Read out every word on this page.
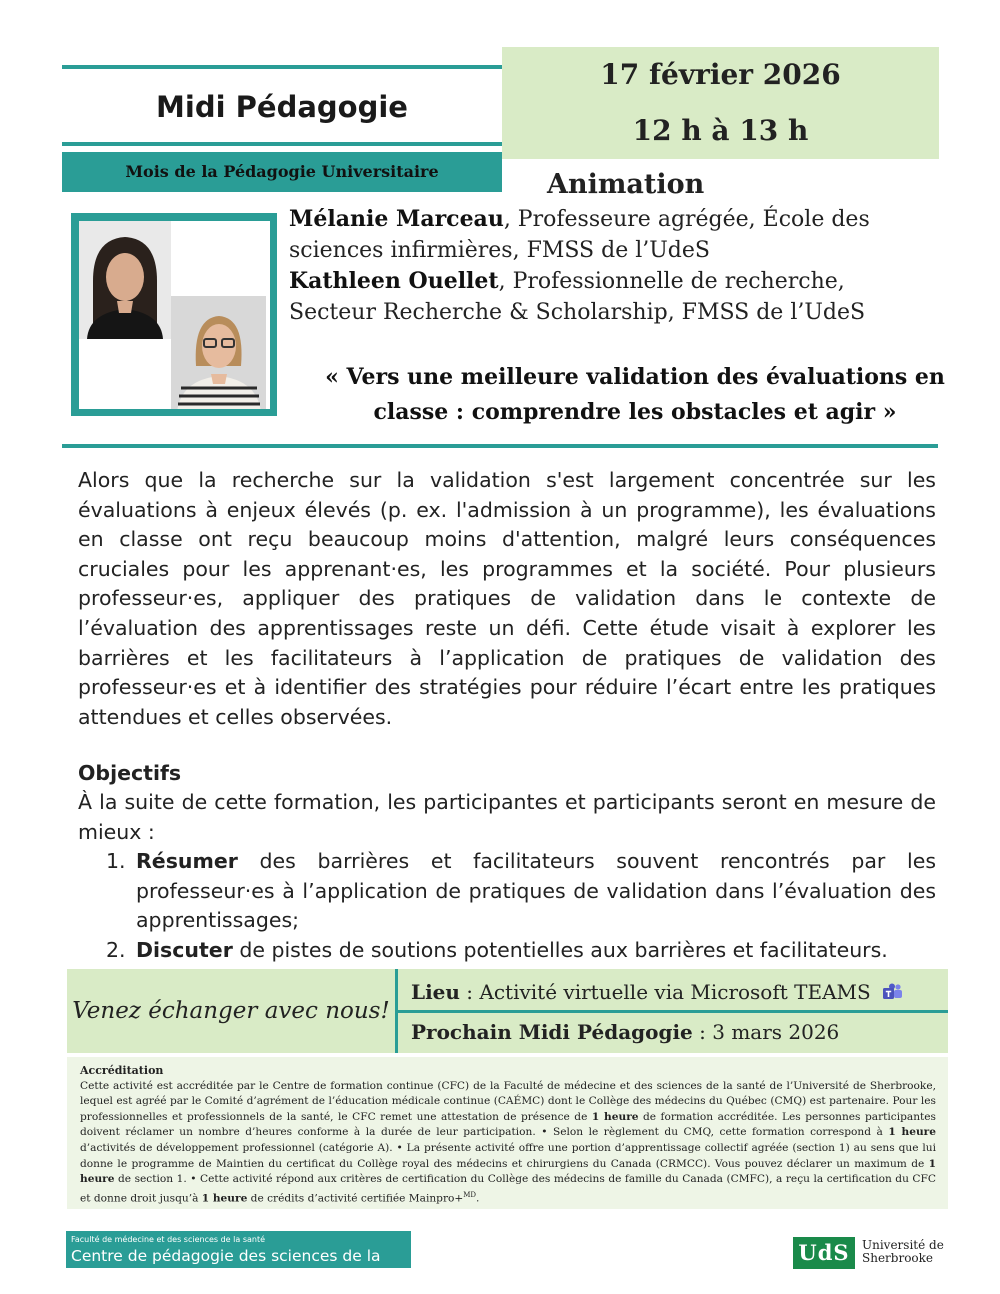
Midi Pédagogie
Mois de la Pédagogie Universitaire
17 février 2026
12 h à 13 h
Animation
Mélanie Marceau, Professeure agrégée, École des
sciences infirmières, FMSS de l’UdeS
Kathleen Ouellet, Professionnelle de recherche,
Secteur Recherche & Scholarship, FMSS de l’UdeS
« Vers une meilleure validation des évaluations en
classe : comprendre les obstacles et agir »
Alors que la recherche sur la validation s'est largement concentrée sur les évaluations à enjeux élevés (p. ex. l'admission à un programme), les évaluations en classe ont reçu beaucoup moins d'attention, malgré leurs conséquences cruciales pour les apprenant·es, les programmes et la société. Pour plusieurs professeur·es, appliquer des pratiques de validation dans le contexte de l’évaluation des apprentissages reste un défi. Cette étude visait à explorer les barrières et les facilitateurs à l’application de pratiques de validation des professeur·es et à identifier des stratégies pour réduire l’écart entre les pratiques attendues et celles observées.
Objectifs
À la suite de cette formation, les participantes et participants seront en mesure de mieux :
1. Résumer des barrières et facilitateurs souvent rencontrés par les professeur·es à l’application de pratiques de validation dans l’évaluation des apprentissages;
2. Discuter de pistes de soutions potentielles aux barrières et facilitateurs.
Venez échanger avec nous!
Lieu : Activité virtuelle via Microsoft TEAMS
Prochain Midi Pédagogie : 3 mars 2026
Accréditation
Cette activité est accréditée par le Centre de formation continue (CFC) de la Faculté de médecine et des sciences de la santé de l’Université de Sherbrooke, lequel est agréé par le Comité d’agrément de l’éducation médicale continue (CAÉMC) dont le Collège des médecins du Québec (CMQ) est partenaire. Pour les professionnelles et professionnels de la santé, le CFC remet une attestation de présence de 1 heure de formation accréditée. Les personnes participantes doivent réclamer un nombre d’heures conforme à la durée de leur participation. • Selon le règlement du CMQ, cette formation correspond à 1 heure d’activités de développement professionnel (catégorie A). • La présente activité offre une portion d’apprentissage collectif agréée (section 1) au sens que lui donne le programme de Maintien du certificat du Collège royal des médecins et chirurgiens du Canada (CRMCC). Vous pouvez déclarer un maximum de 1 heure de section 1. • Cette activité répond aux critères de certification du Collège des médecins de famille du Canada (CMFC), a reçu la certification du CFC et donne droit jusqu’à 1 heure de crédits d’activité certifiée Mainpro+$^{MD}$.
Faculté de médecine et des sciences de la santé
Centre de pédagogie des sciences de la santé
UdS	Université de
Sherbrooke
